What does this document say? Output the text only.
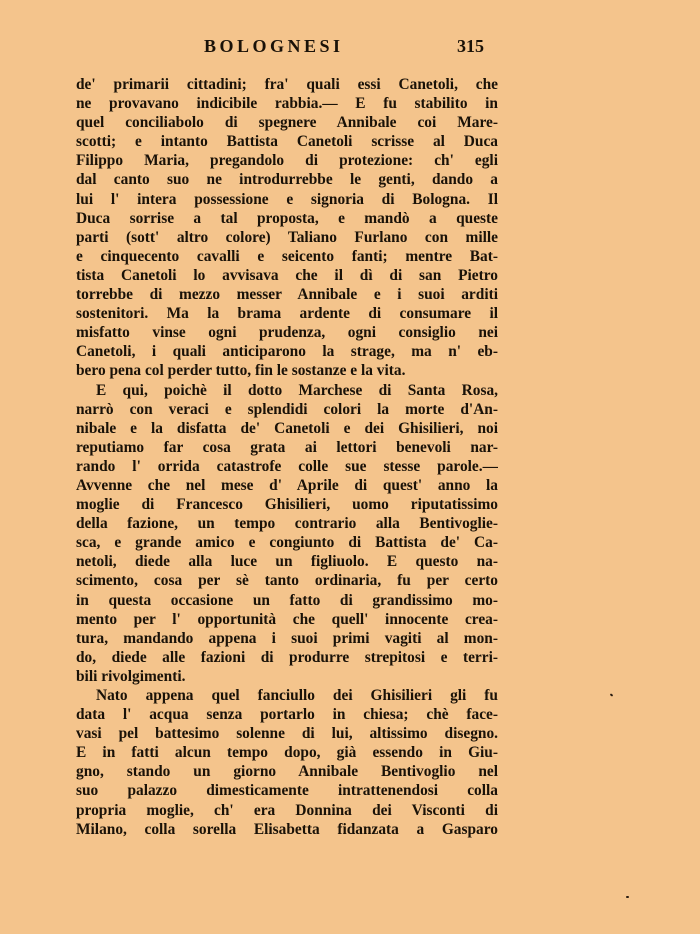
BOLOGNESI	315
de' primarii cittadini; fra' quali essi Canetoli, che
ne provavano indicibile rabbia.— E fu stabilito in
quel conciliabolo di spegnere Annibale coi Mare-
scotti; e intanto Battista Canetoli scrisse al Duca
Filippo Maria, pregandolo di protezione: ch' egli
dal canto suo ne introdurrebbe le genti, dando a
lui l' intera possessione e signoria di Bologna. Il
Duca sorrise a tal proposta, e mandò a queste
parti (sott' altro colore) Taliano Furlano con mille
e cinquecento cavalli e seicento fanti; mentre Bat-
tista Canetoli lo avvisava che il dì di san Pietro
torrebbe di mezzo messer Annibale e i suoi arditi
sostenitori. Ma la brama ardente di consumare il
misfatto vinse ogni prudenza, ogni consiglio nei
Canetoli, i quali anticiparono la strage, ma n' eb-
bero pena col perder tutto, fin le sostanze e la vita.
E qui, poichè il dotto Marchese di Santa Rosa,
narrò con veraci e splendidi colori la morte d'An-
nibale e la disfatta de' Canetoli e dei Ghisilieri, noi
reputiamo far cosa grata ai lettori benevoli nar-
rando l' orrida catastrofe colle sue stesse parole.—
Avvenne che nel mese d' Aprile di quest' anno la
moglie di Francesco Ghisilieri, uomo riputatissimo
della fazione, un tempo contrario alla Bentivoglie-
sca, e grande amico e congiunto di Battista de' Ca-
netoli, diede alla luce un figliuolo. E questo na-
scimento, cosa per sè tanto ordinaria, fu per certo
in questa occasione un fatto di grandissimo mo-
mento per l' opportunità che quell' innocente crea-
tura, mandando appena i suoi primi vagiti al mon-
do, diede alle fazioni di produrre strepitosi e terri-
bili rivolgimenti.
Nato appena quel fanciullo dei Ghisilieri gli fu
data l' acqua senza portarlo in chiesa; chè face-
vasi pel battesimo solenne di lui, altissimo disegno.
E in fatti alcun tempo dopo, già essendo in Giu-
gno, stando un giorno Annibale Bentivoglio nel
suo palazzo dimesticamente intrattenendosi colla
propria moglie, ch' era Donnina dei Visconti di
Milano, colla sorella Elisabetta fidanzata a Gasparo
